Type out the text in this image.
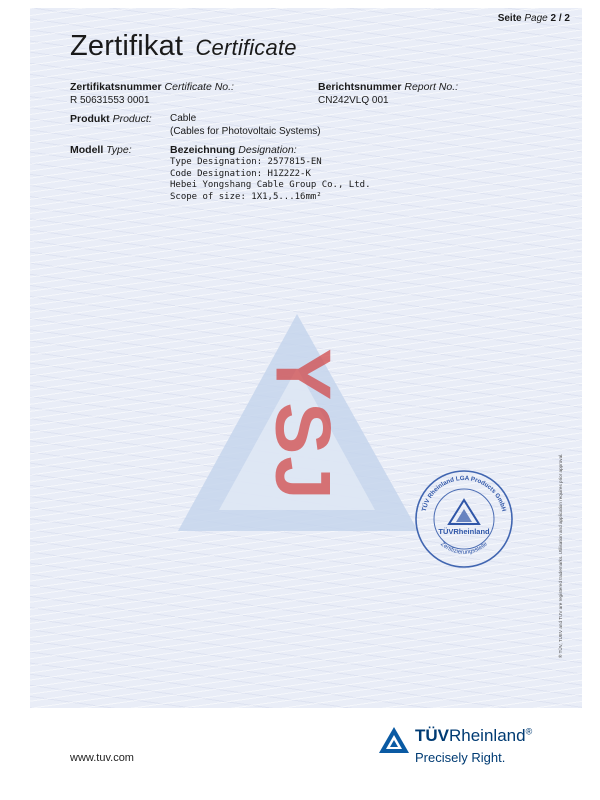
Seite Page 2 / 2
Zertifikat Certificate
Zertifikatsnummer Certificate No.:
R 50631553 0001
Berichtsnummer Report No.:
CN242VLQ 001
Produkt Product: Cable
(Cables for Photovoltaic Systems)
Modell Type:	Bezeichnung Designation:
Type Designation: 2577815-EN
Code Designation: H1Z2Z2-K
Hebei Yongshang Cable Group Co., Ltd.
Scope of size: 1X1,5...16mm²
YSJ
TÜV Rheinland LGA Products GmbH
Zertifizierungsstelle
TÜVRheinland	® TÜV, TUEV and TUV are registered trademarks. Utilisation and application requires prior approval.
www.tuv.com
TÜVRheinland®
Precisely Right.
